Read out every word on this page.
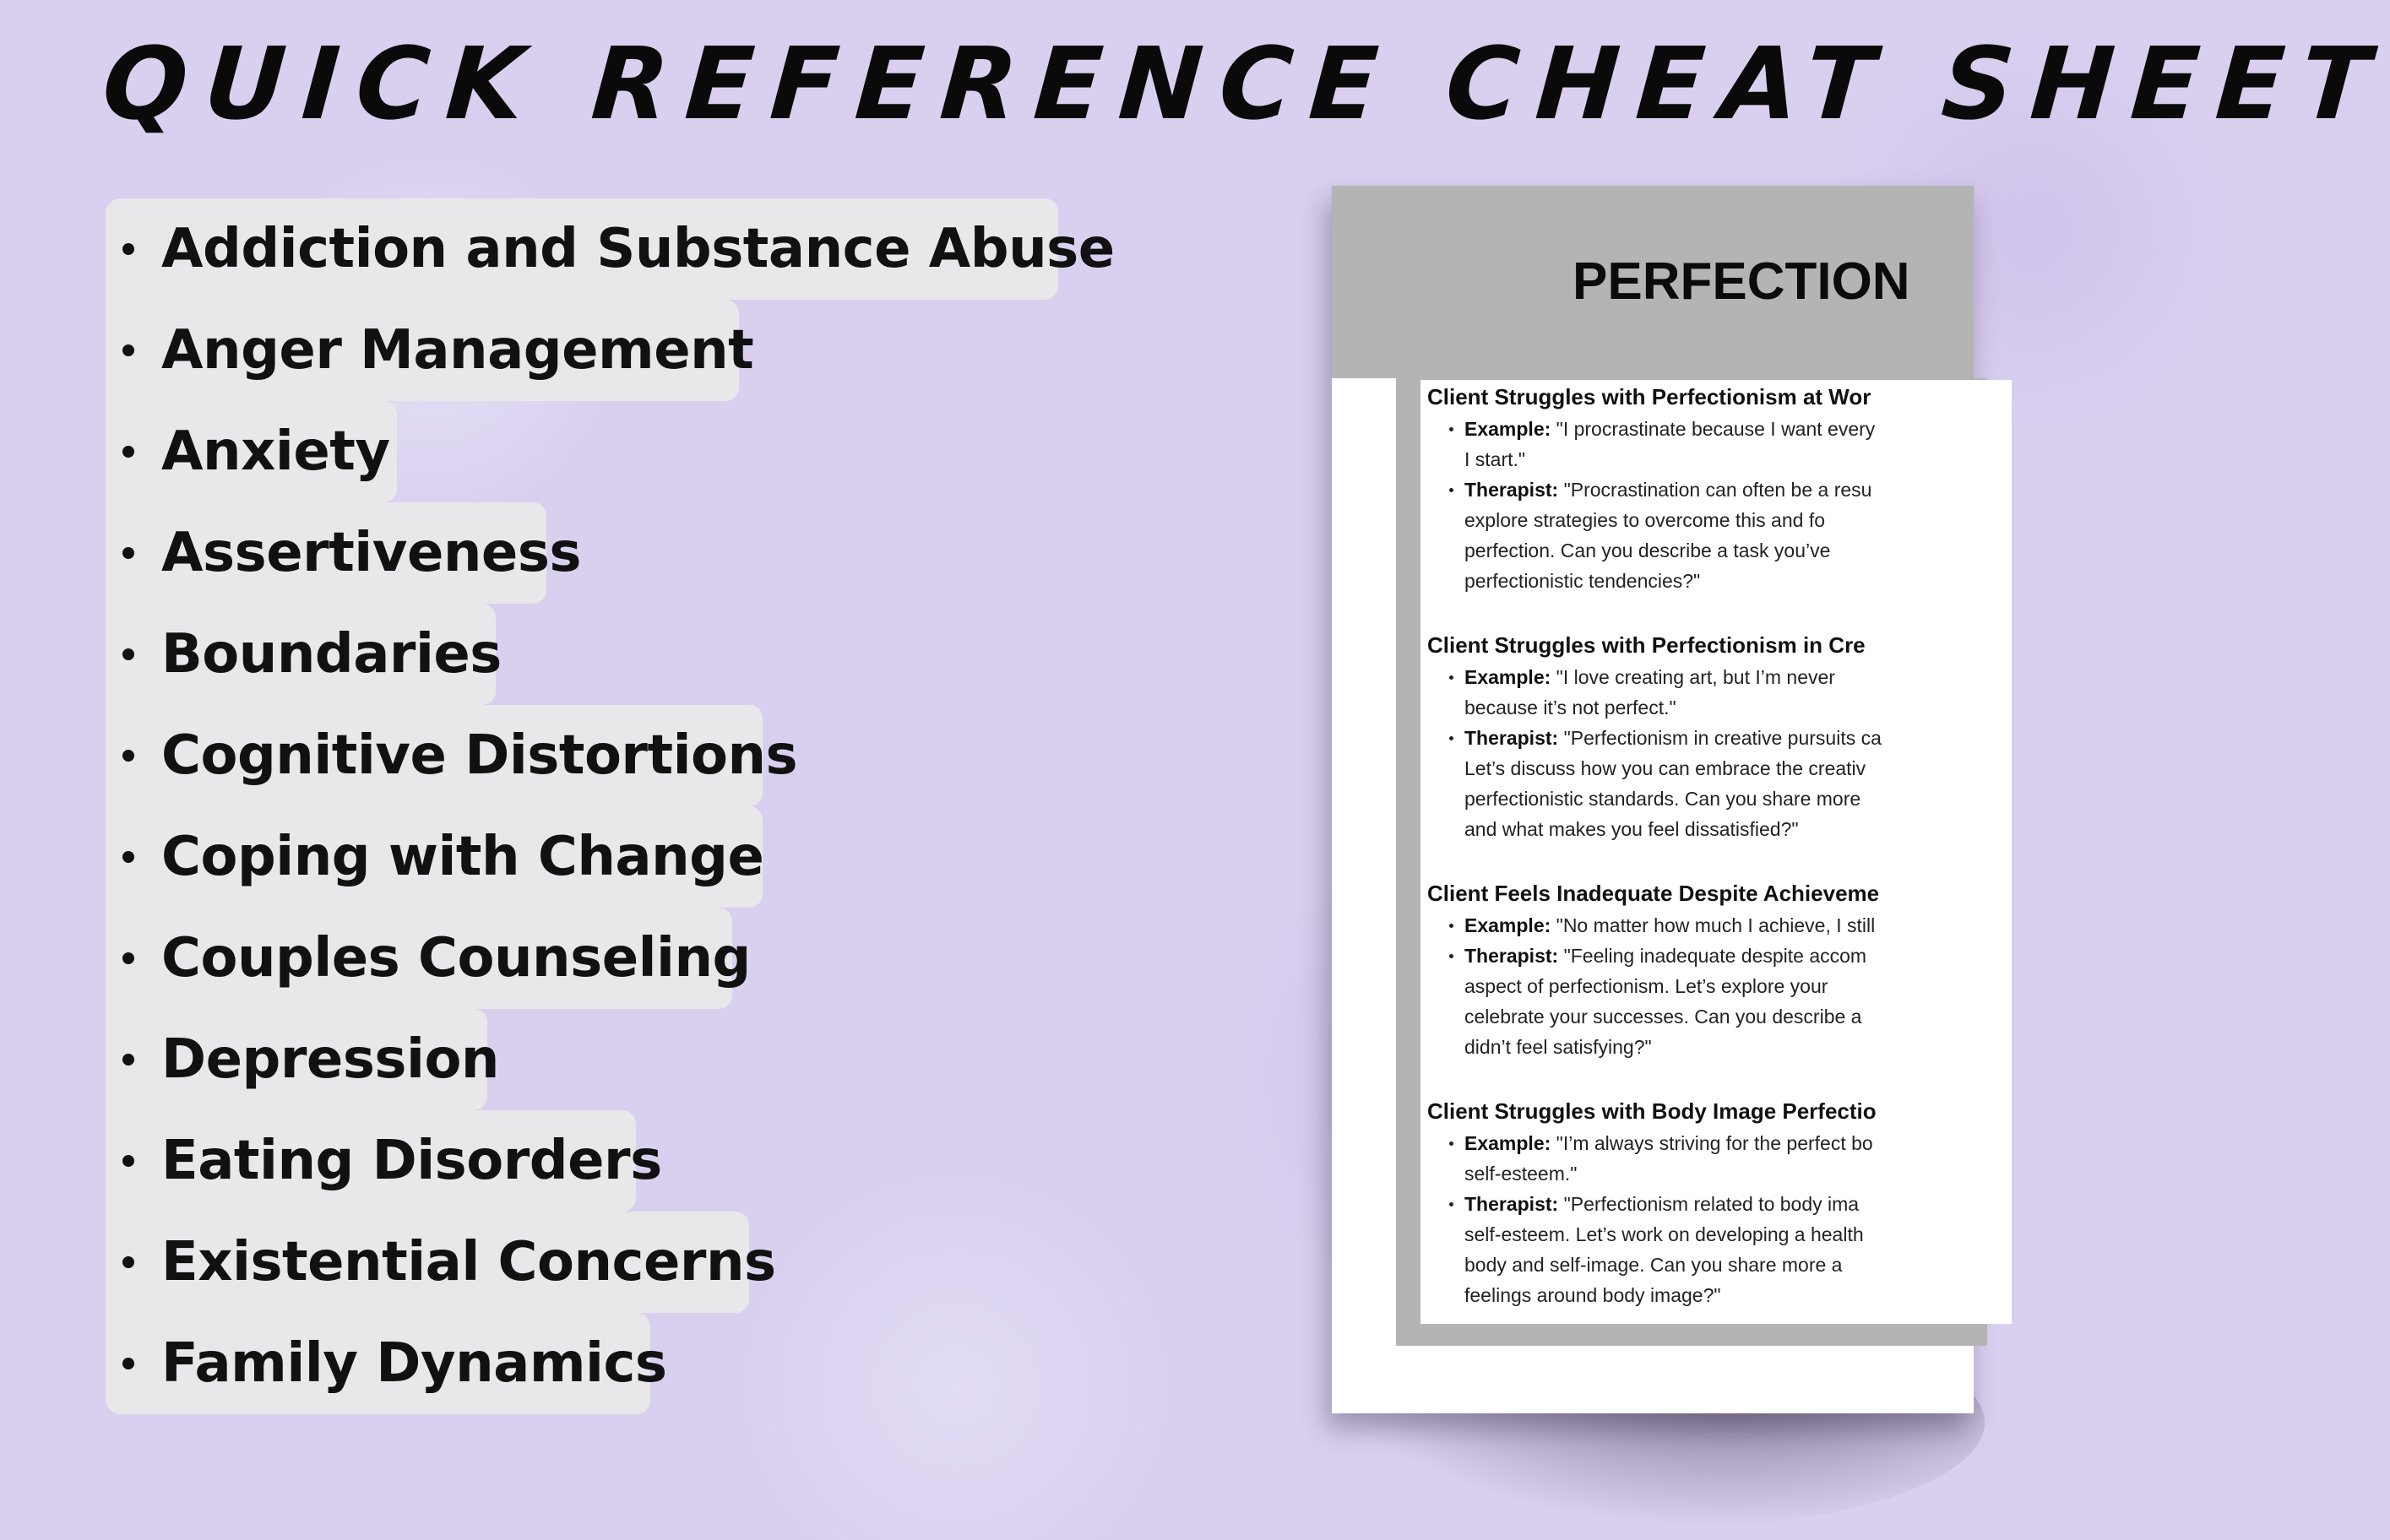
QUICK REFERENCE CHEAT SHEET
Addiction and Substance Abuse
Anger Management
Anxiety
Assertiveness
Boundaries
Cognitive Distortions
Coping with Change
Couples Counseling
Depression
Eating Disorders
Existential Concerns
Family Dynamics
PERFECTION
Client Struggles with Perfectionism at Wor
Example: "I procrastinate because I want every
I start."
Therapist: "Procrastination can often be a resu
explore strategies to overcome this and fo
perfection. Can you describe a task you’ve
perfectionistic tendencies?"
Client Struggles with Perfectionism in Cre
Example: "I love creating art, but I’m never
because it’s not perfect."
Therapist: "Perfectionism in creative pursuits ca
Let’s discuss how you can embrace the creativ
perfectionistic standards. Can you share more
and what makes you feel dissatisfied?"
Client Feels Inadequate Despite Achieveme
Example: "No matter how much I achieve, I still
Therapist: "Feeling inadequate despite accom
aspect of perfectionism. Let’s explore your
celebrate your successes. Can you describe a
didn’t feel satisfying?"
Client Struggles with Body Image Perfectio
Example: "I’m always striving for the perfect bo
self-esteem."
Therapist: "Perfectionism related to body ima
self-esteem. Let’s work on developing a health
body and self-image. Can you share more a
feelings around body image?"
